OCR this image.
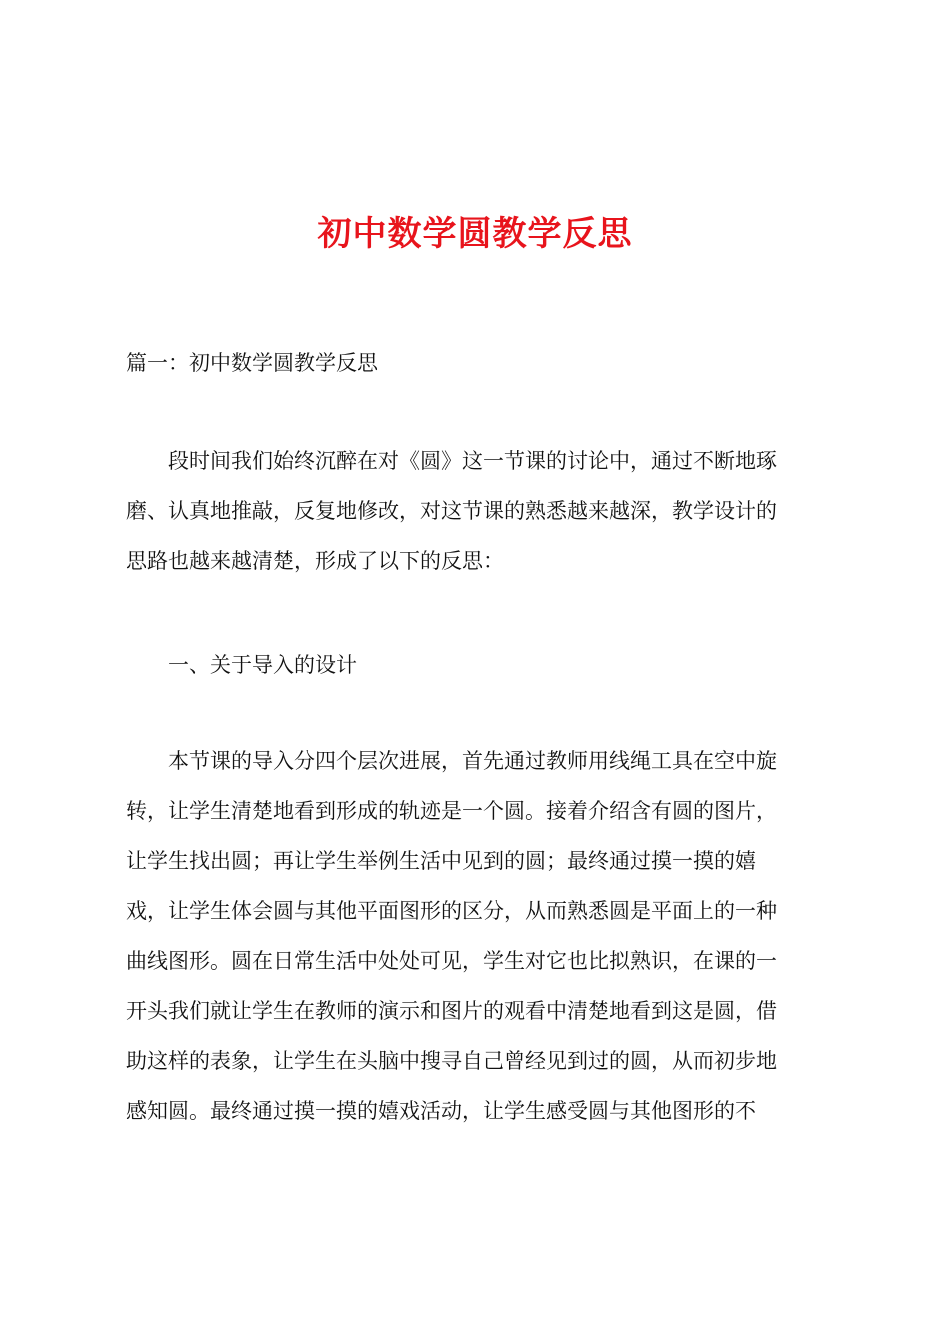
初中数学圆教学反思

篇一：初中数学圆教学反思

段时间我们始终沉醉在对《圆》这一节课的讨论中，通过不断地琢
磨、认真地推敲，反复地修改，对这节课的熟悉越来越深，教学设计的
思路也越来越清楚，形成了以下的反思：

一、关于导入的设计

本节课的导入分四个层次进展，首先通过教师用线绳工具在空中旋
转，让学生清楚地看到形成的轨迹是一个圆。接着介绍含有圆的图片，
让学生找出圆；再让学生举例生活中见到的圆；最终通过摸一摸的嬉
戏，让学生体会圆与其他平面图形的区分，从而熟悉圆是平面上的一种
曲线图形。圆在日常生活中处处可见，学生对它也比拟熟识，在课的一
开头我们就让学生在教师的演示和图片的观看中清楚地看到这是圆，借
助这样的表象，让学生在头脑中搜寻自己曾经见到过的圆，从而初步地
感知圆。最终通过摸一摸的嬉戏活动，让学生感受圆与其他图形的不
